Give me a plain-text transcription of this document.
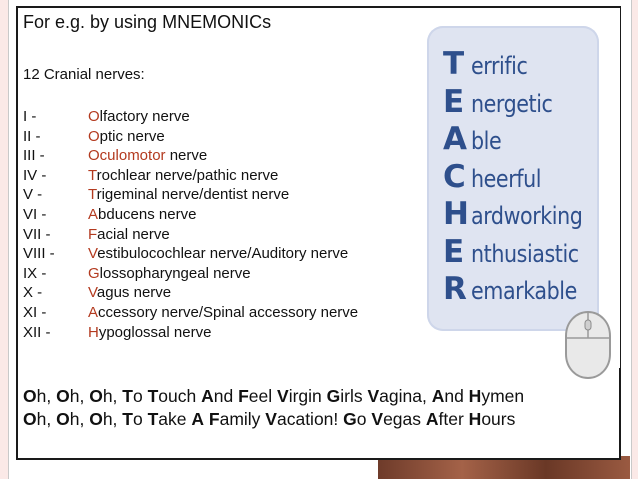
T errific
E nergetic
A ble
C heerful
H ardworking
E nthusiastic
R emarkable
For e.g. by using MNEMONICs
12 Cranial nerves:
I -	Olfactory nerve
II -	Optic nerve
III -	Oculomotor nerve
IV -	Trochlear nerve/pathic nerve
V -	Trigeminal nerve/dentist nerve
VI -	Abducens nerve
VII -	Facial nerve
VIII -	Vestibulocochlear nerve/Auditory nerve
IX -	Glossopharyngeal nerve
X -	Vagus nerve
XI -	Accessory nerve/Spinal accessory nerve
XII -	Hypoglossal nerve
Oh, Oh, Oh, To Touch And Feel Virgin Girls Vagina, And Hymen
Oh, Oh, Oh, To Take A Family Vacation! Go Vegas After Hours
